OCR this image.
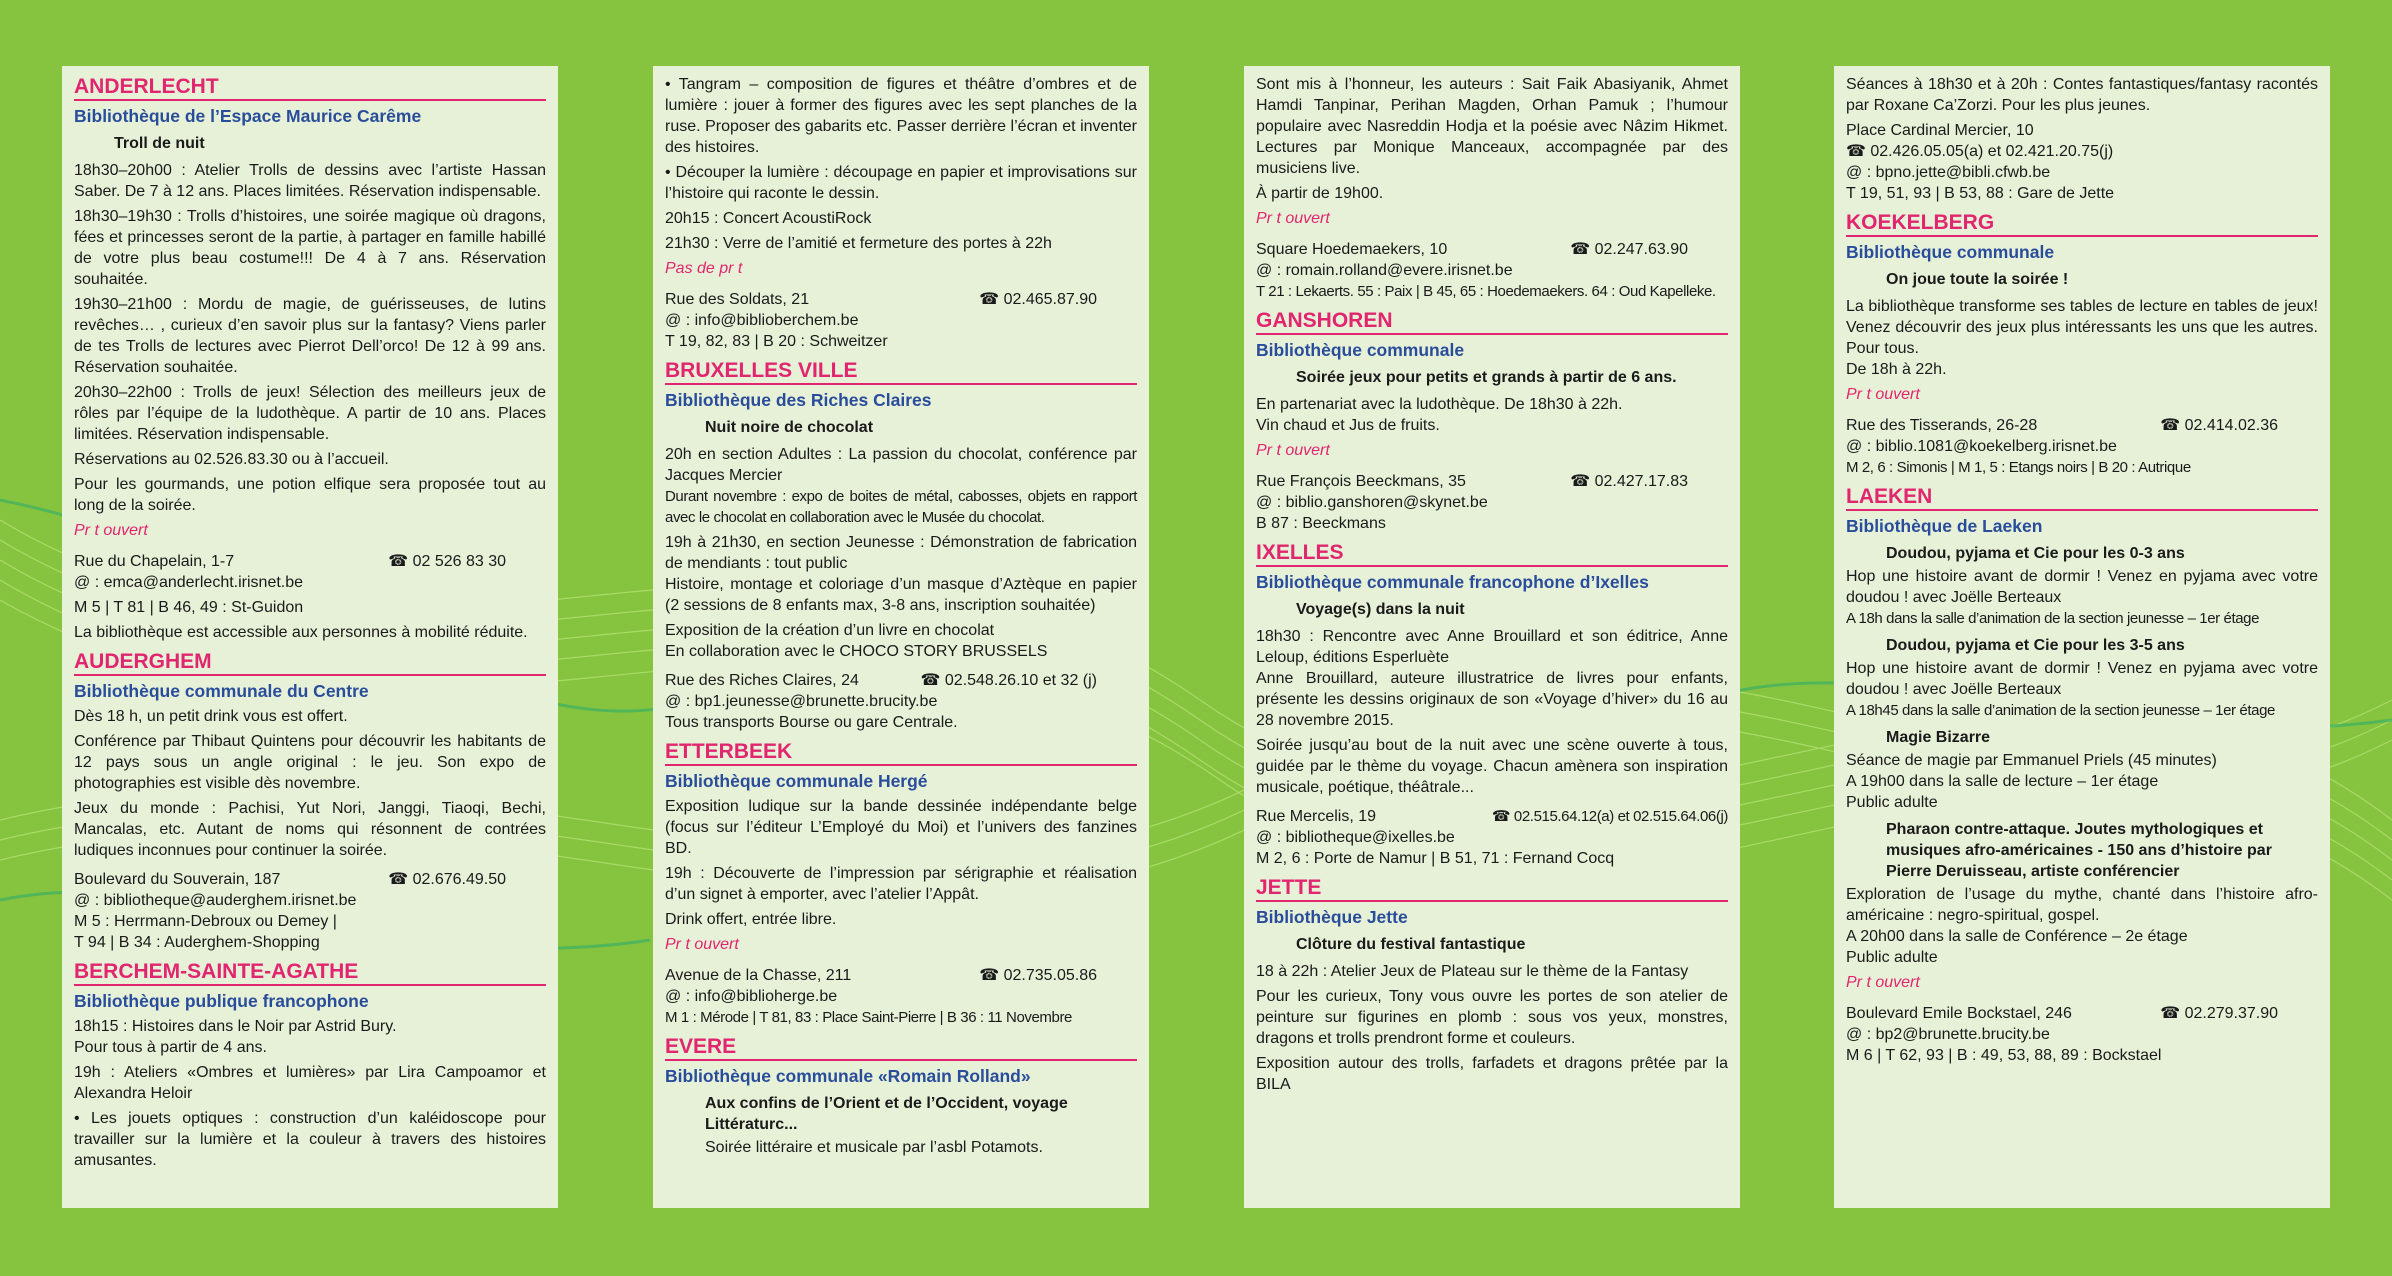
ANDERLECHT
Bibliothèque de l’Espace Maurice Carême
Troll de nuit

18h30–20h00 : Atelier Trolls de dessins avec l’artiste Hassan Saber. De 7 à 12 ans. Places limitées. Réservation indispensable.

18h30–19h30 : Trolls d’histoires, une soirée magique où dragons, fées et princesses seront de la partie, à partager en famille habillé de votre plus beau costume!!! De 4 à 7 ans. Réservation souhaitée.

19h30–21h00 : Mordu de magie, de guérisseuses, de lutins revêches… , curieux d’en savoir plus sur la fantasy? Viens parler de tes Trolls de lectures avec Pierrot Dell’orco! De 12 à 99 ans. Réservation souhaitée.

20h30–22h00 : Trolls de jeux! Sélection des meilleurs jeux de rôles par l’équipe de la ludothèque. A partir de 10 ans. Places limitées. Réservation indispensable.

Réservations au 02.526.83.30 ou à l’accueil.

Pour les gourmands, une potion elfique sera proposée tout au long de la soirée.

Pr t ouvert

Rue du Chapelain, 1-7	☎ 02 526 83 30

@ : emca@anderlecht.irisnet.be

M 5 | T 81 | B 46, 49 : St-Guidon

La bibliothèque est accessible aux personnes à mobilité réduite.

AUDERGHEM
Bibliothèque communale du Centre

Dès 18 h, un petit drink vous est offert.

Conférence par Thibaut Quintens pour découvrir les habitants de 12 pays sous un angle original : le jeu. Son expo de photographies est visible dès novembre.

Jeux du monde : Pachisi, Yut Nori, Janggi, Tiaoqi, Bechi, Mancalas, etc. Autant de noms qui résonnent de contrées ludiques inconnues pour continuer la soirée.

Boulevard du Souverain, 187	☎ 02.676.49.50

@ : bibliotheque@auderghem.irisnet.be

M 5 : Herrmann-Debroux ou Demey |

T 94 | B 34 : Auderghem-Shopping

BERCHEM-SAINTE-AGATHE
Bibliothèque publique francophone

18h15 : Histoires dans le Noir par Astrid Bury.

Pour tous à partir de 4 ans.

19h : Ateliers «Ombres et lumières» par Lira Campoamor et Alexandra Heloir

• Les jouets optiques : construction d’un kaléidoscope pour travailler sur la lumière et la couleur à travers des histoires amusantes.

• Tangram – composition de figures et théâtre d’ombres et de lumière : jouer à former des figures avec les sept planches de la ruse. Proposer des gabarits etc. Passer derrière l’écran et inventer des histoires.

• Découper la lumière : découpage en papier et improvisations sur l’histoire qui raconte le dessin.

20h15 : Concert AcoustiRock

21h30 : Verre de l’amitié et fermeture des portes à 22h

Pas de pr t

Rue des Soldats, 21	☎ 02.465.87.90

@ : info@biblioberchem.be

T 19, 82, 83 | B 20 : Schweitzer

BRUXELLES VILLE
Bibliothèque des Riches Claires
Nuit noire de chocolat

20h en section Adultes : La passion du chocolat, conférence par Jacques Mercier

Durant novembre : expo de boites de métal, cabosses, objets en rapport avec le chocolat en collaboration avec le Musée du chocolat.

19h à 21h30, en section Jeunesse : Démonstration de fabrication de mendiants : tout public

Histoire, montage et coloriage d’un masque d’Aztèque en papier (2 sessions de 8 enfants max, 3-8 ans, inscription souhaitée)

Exposition de la création d’un livre en chocolat

En collaboration avec le CHOCO STORY BRUSSELS

Rue des Riches Claires, 24	☎ 02.548.26.10 et 32 (j)

@ : bp1.jeunesse@brunette.brucity.be

Tous transports Bourse ou gare Centrale.

ETTERBEEK
Bibliothèque communale Hergé

Exposition ludique sur la bande dessinée indépendante belge (focus sur l’éditeur L’Employé du Moi) et l’univers des fanzines BD.

19h : Découverte de l’impression par sérigraphie et réalisation d’un signet à emporter, avec l’atelier l’Appât.

Drink offert, entrée libre.

Pr t ouvert

Avenue de la Chasse, 211	☎ 02.735.05.86

@ : info@biblioherge.be

M 1 : Mérode | T 81, 83 : Place Saint-Pierre | B 36 : 11 Novembre

EVERE
Bibliothèque communale «Romain Rolland»
Aux confins de l’Orient et de l’Occident, voyage Littératurc...

Soirée littéraire et musicale par l’asbl Potamots.

Sont mis à l’honneur, les auteurs : Sait Faik Abasiyanik, Ahmet Hamdi Tanpinar, Perihan Magden, Orhan Pamuk ; l’humour populaire avec Nasreddin Hodja et la poésie avec Nâzim Hikmet. Lectures par Monique Manceaux, accompagnée par des musiciens live.

À partir de 19h00.

Pr t ouvert

Square Hoedemaekers, 10	☎ 02.247.63.90

@ : romain.rolland@evere.irisnet.be

T 21 : Lekaerts. 55 : Paix | B 45, 65 : Hoedemaekers. 64 : Oud Kapelleke.

GANSHOREN
Bibliothèque communale
Soirée jeux pour petits et grands à partir de 6 ans.

En partenariat avec la ludothèque. De 18h30 à 22h.

Vin chaud et Jus de fruits.

Pr t ouvert

Rue François Beeckmans, 35	☎ 02.427.17.83

@ : biblio.ganshoren@skynet.be

B 87 : Beeckmans

IXELLES
Bibliothèque communale francophone d’Ixelles
Voyage(s) dans la nuit

18h30 : Rencontre avec Anne Brouillard et son éditrice, Anne Leloup, éditions Esperluète

Anne Brouillard, auteure illustratrice de livres pour enfants, présente les dessins originaux de son «Voyage d’hiver» du 16 au 28 novembre 2015.

Soirée jusqu’au bout de la nuit avec une scène ouverte à tous, guidée par le thème du voyage. Chacun amènera son inspiration musicale, poétique, théâtrale...

Rue Mercelis, 19	☎ 02.515.64.12(a) et 02.515.64.06(j)

@ : bibliotheque@ixelles.be

M 2, 6 : Porte de Namur | B 51, 71 : Fernand Cocq

JETTE
Bibliothèque Jette
Clôture du festival fantastique

18 à 22h : Atelier Jeux de Plateau sur le thème de la Fantasy

Pour les curieux, Tony vous ouvre les portes de son atelier de peinture sur figurines en plomb : sous vos yeux, monstres, dragons et trolls prendront forme et couleurs.

Exposition autour des trolls, farfadets et dragons prêtée par la BILA

Séances à 18h30 et à 20h : Contes fantastiques/fantasy racontés par Roxane Ca’Zorzi. Pour les plus jeunes.

Place Cardinal Mercier, 10

☎ 02.426.05.05(a) et 02.421.20.75(j)

@ : bpno.jette@bibli.cfwb.be

T 19, 51, 93 | B 53, 88 : Gare de Jette

KOEKELBERG
Bibliothèque communale
On joue toute la soirée !

La bibliothèque transforme ses tables de lecture en tables de jeux! Venez découvrir des jeux plus intéressants les uns que les autres. Pour tous.

De 18h à 22h.

Pr t ouvert

Rue des Tisserands, 26-28	☎ 02.414.02.36

@ : biblio.1081@koekelberg.irisnet.be

M 2, 6 : Simonis | M 1, 5 : Etangs noirs | B 20 : Autrique

LAEKEN
Bibliothèque de Laeken
Doudou, pyjama et Cie pour les 0-3 ans

Hop une histoire avant de dormir ! Venez en pyjama avec votre doudou ! avec Joëlle Berteaux

A 18h dans la salle d’animation de la section jeunesse – 1er étage

Doudou, pyjama et Cie pour les 3-5 ans

Hop une histoire avant de dormir ! Venez en pyjama avec votre doudou ! avec Joëlle Berteaux

A 18h45 dans la salle d’animation de la section jeunesse – 1er étage

Magie Bizarre

Séance de magie par Emmanuel Priels (45 minutes)

A 19h00 dans la salle de lecture – 1er étage

Public adulte

Pharaon contre-attaque. Joutes mythologiques et musiques afro-américaines - 150 ans d’histoire par Pierre Deruisseau, artiste conférencier

Exploration de l’usage du mythe, chanté dans l’histoire afro-américaine : negro-spiritual, gospel.

A 20h00 dans la salle de Conférence – 2e étage

Public adulte

Pr t ouvert

Boulevard Emile Bockstael, 246	☎ 02.279.37.90

@ : bp2@brunette.brucity.be

M 6 | T 62, 93 | B : 49, 53, 88, 89 : Bockstael
